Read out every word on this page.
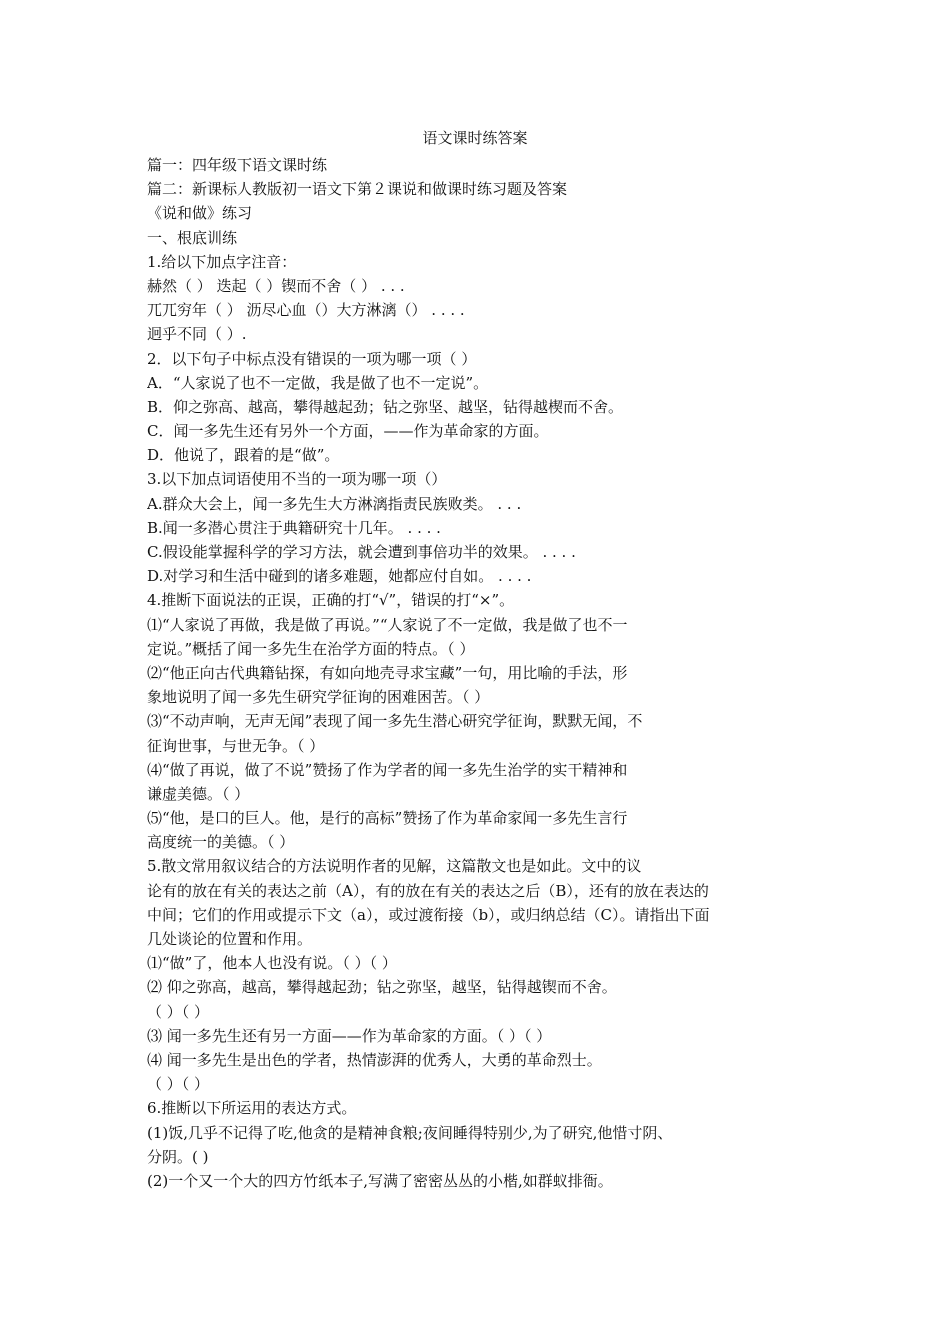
语文课时练答案
篇一：四年级下语文课时练
篇二：新课标人教版初一语文下第２课说和做课时练习题及答案
《说和做》练习
一、根底训练
1.给以下加点字注音：
赫然（ ） 迭起（ ）锲而不舍（ ） . . .
兀兀穷年（ ） 沥尽心血（）大方淋漓（） . . . .
迥乎不同（ ）.
2．以下句子中标点没有错误的一项为哪一项（ ）
A．“人家说了也不一定做，我是做了也不一定说”。
B．仰之弥高、越高，攀得越起劲；钻之弥坚、越坚，钻得越楔而不舍。
C．闻一多先生还有另外一个方面，——作为革命家的方面。
D．他说了，跟着的是“做”。
3.以下加点词语使用不当的一项为哪一项（）
A.群众大会上，闻一多先生大方淋漓指责民族败类。 . . .
B.闻一多潜心贯注于典籍研究十几年。 . . . .
C.假设能掌握科学的学习方法，就会遭到事倍功半的效果。 . . . .
D.对学习和生活中碰到的诸多难题，她都应付自如。 . . . .
4.推断下面说法的正误，正确的打“√”，错误的打“×”。
⑴“人家说了再做，我是做了再说。”“人家说了不一定做，我是做了也不一
定说。”概括了闻一多先生在治学方面的特点。（ ）
⑵“他正向古代典籍钻探，有如向地壳寻求宝藏”一句，用比喻的手法，形
象地说明了闻一多先生研究学征询的困难困苦。（ ）
⑶“不动声响，无声无闻”表现了闻一多先生潜心研究学征询，默默无闻，不
征询世事，与世无争。（ ）
⑷“做了再说，做了不说”赞扬了作为学者的闻一多先生治学的实干精神和
谦虚美德。（ ）
⑸“他，是口的巨人。他，是行的高标”赞扬了作为革命家闻一多先生言行
高度统一的美德。（ ）
5.散文常用叙议结合的方法说明作者的见解，这篇散文也是如此。文中的议
论有的放在有关的表达之前（A），有的放在有关的表达之后（B），还有的放在表达的
中间；它们的作用或提示下文（a），或过渡衔接（b），或归纳总结（C）。请指出下面
几处谈论的位置和作用。
⑴“做”了，他本人也没有说。（ ）（ ）
⑵ 仰之弥高，越高，攀得越起劲；钻之弥坚，越坚，钻得越锲而不舍。
（ ）（ ）
⑶ 闻一多先生还有另一方面——作为革命家的方面。（ ）（ ）
⑷ 闻一多先生是出色的学者，热情澎湃的优秀人，大勇的革命烈士。
（ ）（ ）
6.推断以下所运用的表达方式。
(1)饭,几乎不记得了吃,他贪的是精神食粮;夜间睡得特别少,为了研究,他惜寸阴、
分阴。( )
(2)一个又一个大的四方竹纸本子,写满了密密丛丛的小楷,如群蚁排衙。
